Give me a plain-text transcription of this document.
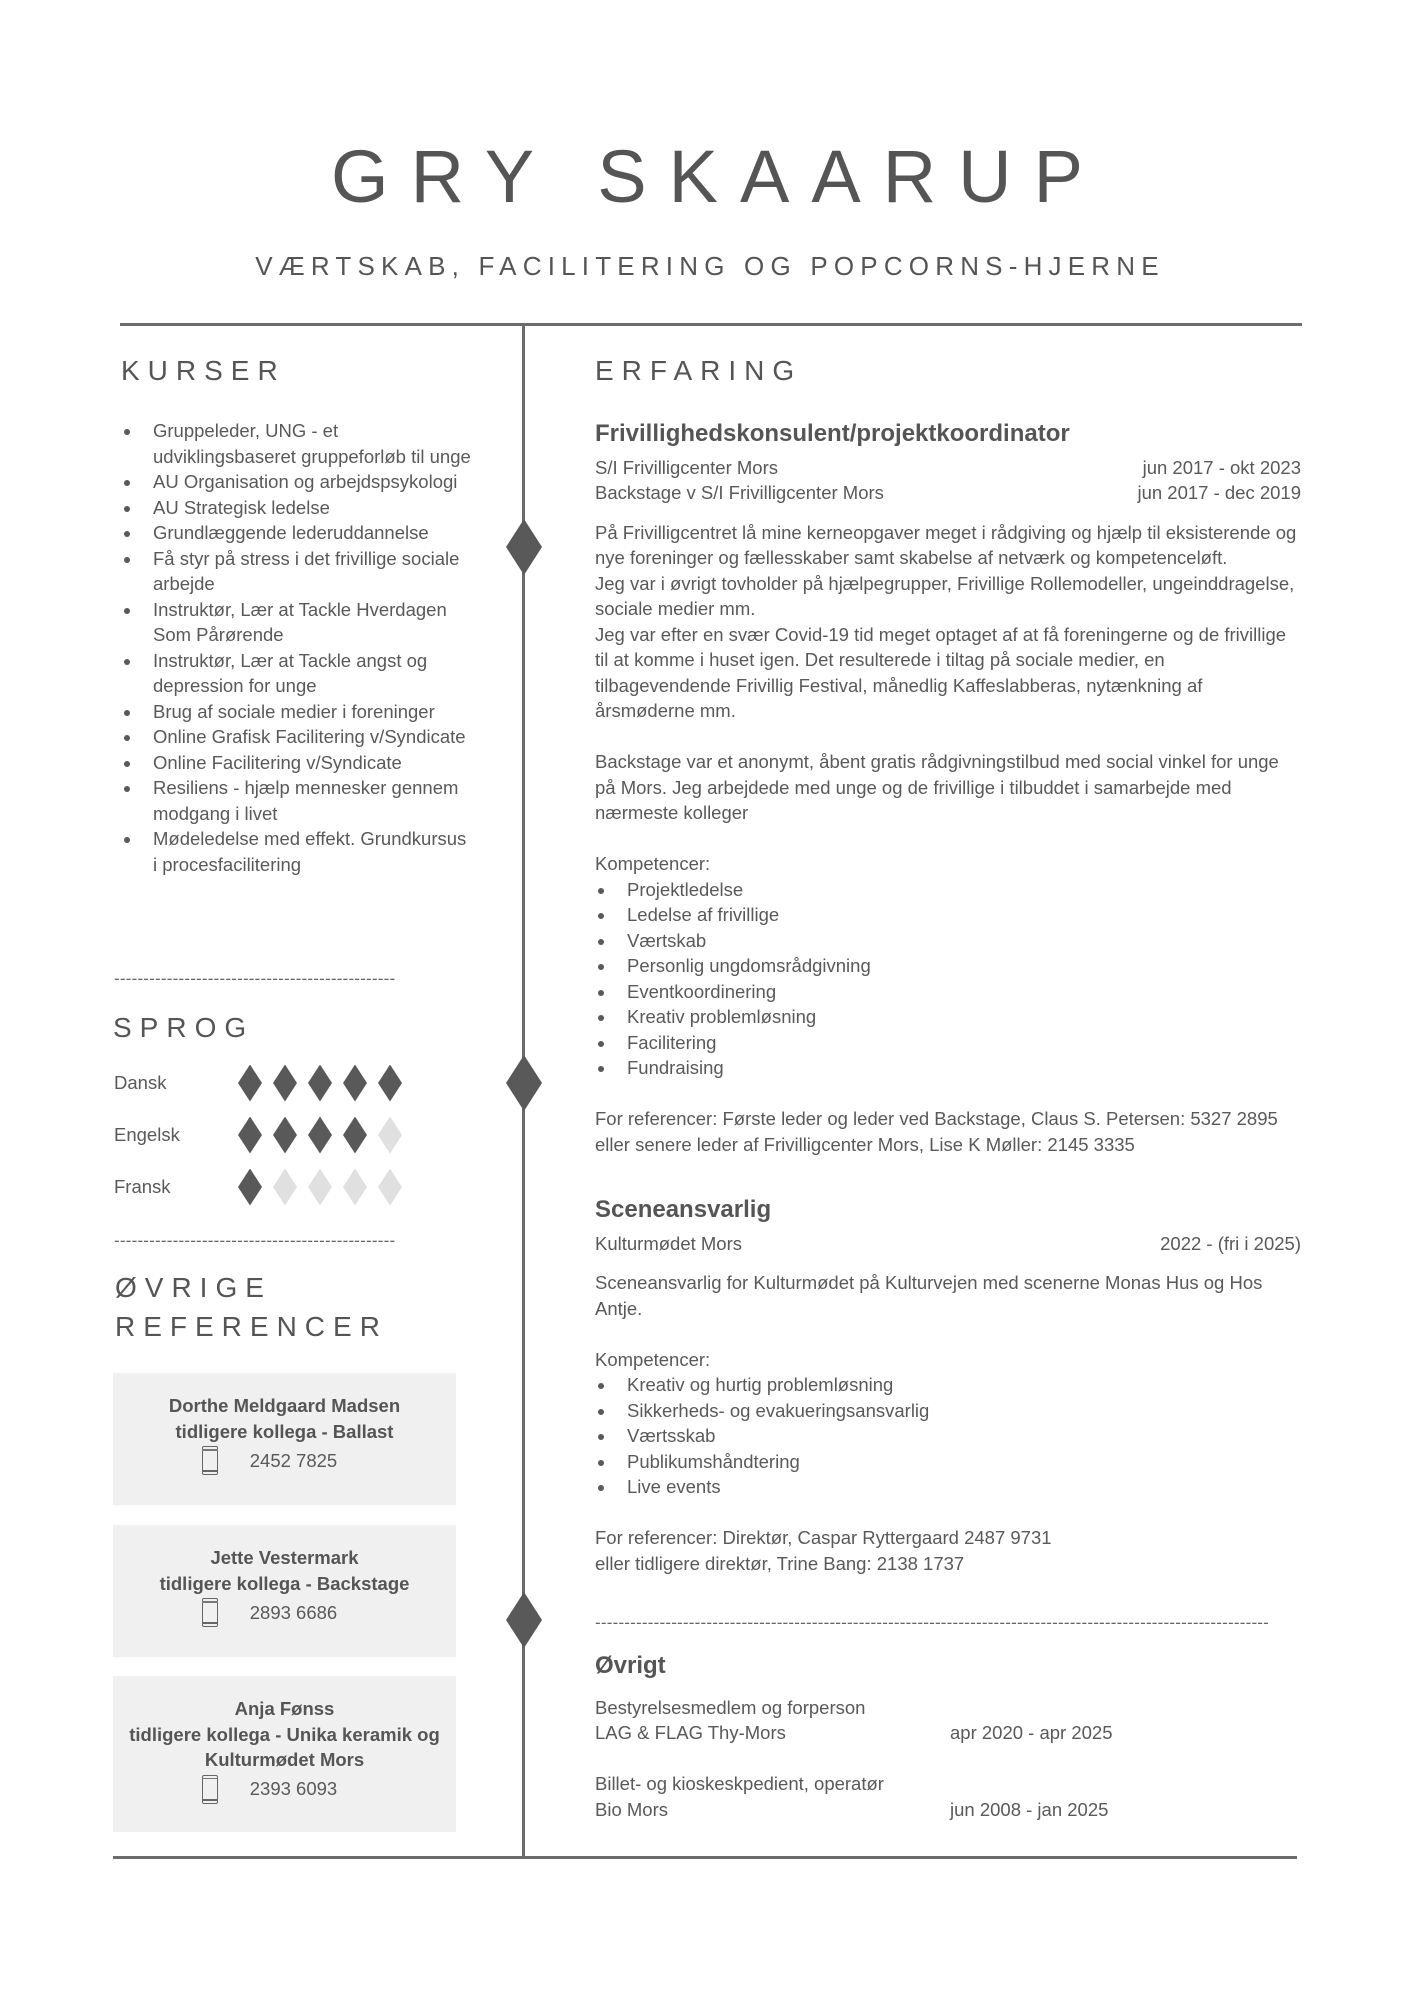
GRY SKAARUP
VÆRTSKAB, FACILITERING OG POPCORNS-HJERNE
KURSER
Gruppeleder, UNG - et udviklingsbaseret gruppeforløb til unge
AU Organisation og arbejdspsykologi
AU Strategisk ledelse
Grundlæggende lederuddannelse
Få styr på stress i det frivillige sociale arbejde
Instruktør, Lær at Tackle Hverdagen Som Pårørende
Instruktør, Lær at Tackle angst og depression for unge
Brug af sociale medier i foreninger
Online Grafisk Facilitering v/Syndicate
Online Facilitering v/Syndicate
Resiliens - hjælp mennesker gennem modgang i livet
Mødeledelse med effekt. Grundkursus i procesfacilitering
------------------------------------------------
SPROG
Dansk
Engelsk
Fransk
------------------------------------------------
ØVRIGE
REFERENCER
Dorthe Meldgaard Madsen
tidligere kollega - Ballast
2452 7825
Jette Vestermark
tidligere kollega - Backstage
2893 6686
Anja Fønss
tidligere kollega - Unika keramik og Kulturmødet Mors
2393 6093
ERFARING
Frivillighedskonsulent/projektkoordinator
S/I Frivilligcenter Mors	jun 2017 - okt 2023
Backstage v S/I Frivilligcenter Mors	jun 2017 - dec 2019
På Frivilligcentret lå mine kerneopgaver meget i rådgiving og hjælp til eksisterende og nye foreninger og fællesskaber samt skabelse af netværk og kompetenceløft.
Jeg var i øvrigt tovholder på hjælpegrupper, Frivillige Rollemodeller, ungeinddragelse, sociale medier mm.
Jeg var efter en svær Covid-19 tid meget optaget af at få foreningerne og de frivillige til at komme i huset igen. Det resulterede i tiltag på sociale medier, en tilbagevendende Frivillig Festival, månedlig Kaffeslabberas, nytænkning af årsmøderne mm.
Backstage var et anonymt, åbent gratis rådgivningstilbud med social vinkel for unge på Mors. Jeg arbejdede med unge og de frivillige i tilbuddet i samarbejde med nærmeste kolleger
Kompetencer:
Projektledelse
Ledelse af frivillige
Værtskab
Personlig ungdomsrådgivning
Eventkoordinering
Kreativ problemløsning
Facilitering
Fundraising
For referencer: Første leder og leder ved Backstage, Claus S. Petersen: 5327 2895
eller senere leder af Frivilligcenter Mors, Lise K Møller: 2145 3335
Sceneansvarlig
Kulturmødet Mors	2022 - (fri i 2025)
Sceneansvarlig for Kulturmødet på Kulturvejen med scenerne Monas Hus og Hos Antje.
Kompetencer:
Kreativ og hurtig problemløsning
Sikkerheds- og evakueringsansvarlig
Værtsskab
Publikumshåndtering
Live events
For referencer: Direktør, Caspar Ryttergaard 2487 9731
eller tidligere direktør, Trine Bang: 2138 1737
-------------------------------------------------------------------------------------------------------------------
Øvrigt
Bestyrelsesmedlem og forperson
LAG & FLAG Thy-Mors	apr 2020 - apr 2025
Billet- og kioskeskpedient, operatør
Bio Mors	jun 2008 - jan 2025
